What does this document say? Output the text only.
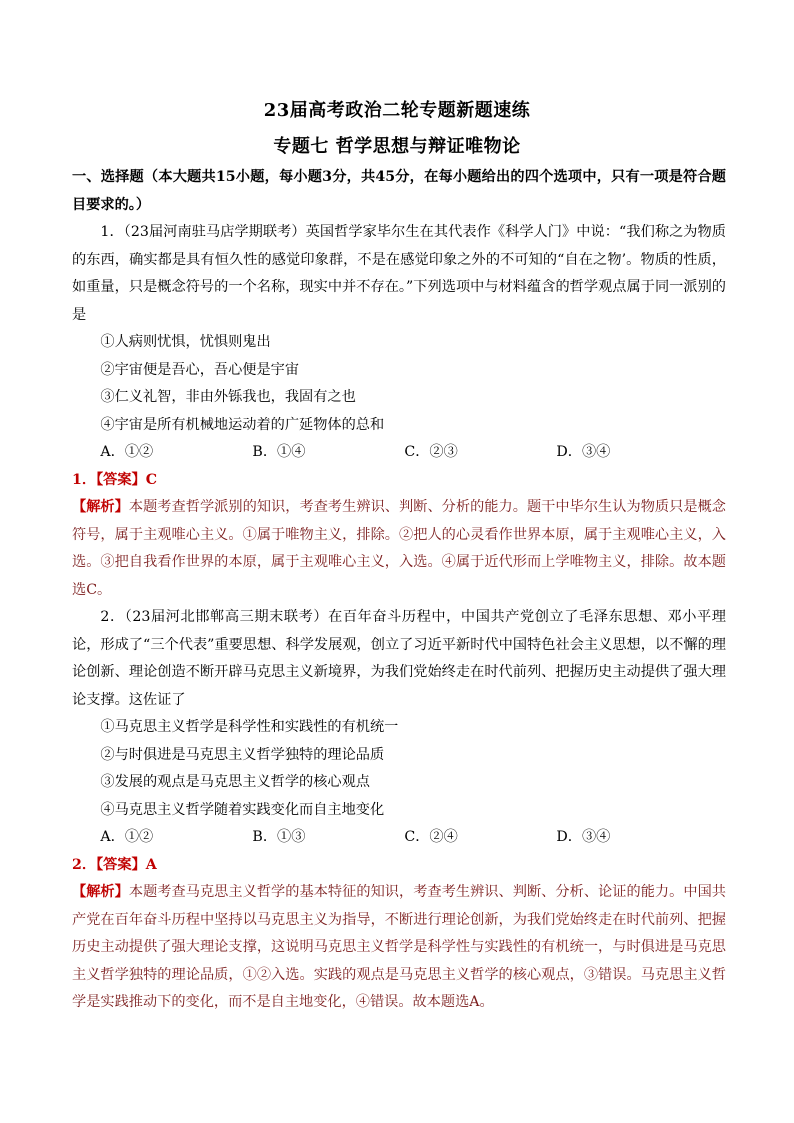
23届高考政治二轮专题新题速练
专题七 哲学思想与辩证唯物论

一、选择题（本大题共15小题，每小题3分，共45分，在每小题给出的四个选项中，只有一项是符合题目要求的。）

1．（23届河南驻马店学期联考）英国哲学家毕尔生在其代表作《科学人门》中说：“我们称之为物质的东西，确实都是具有恒久性的感觉印象群，不是在感觉印象之外的不可知的“自在之物’。物质的性质，如重量，只是概念符号的一个名称，现实中并不存在。”下列选项中与材料蕴含的哲学观点属于同一派别的是

①人病则忧惧，忧惧则鬼出

②宇宙便是吾心，吾心便是宇宙

③仁义礼智，非由外铄我也，我固有之也

④宇宙是所有机械地运动着的广延物体的总和

A．①②	B．①④	C．②③	D．③④

1．【答案】C

【解析】本题考查哲学派别的知识，考查考生辨识、判断、分析的能力。题干中毕尔生认为物质只是概念符号，属于主观唯心主义。①属于唯物主义，排除。②把人的心灵看作世界本原，属于主观唯心主义，入选。③把自我看作世界的本原，属于主观唯心主义，入选。④属于近代形而上学唯物主义，排除。故本题选C。

2．（23届河北邯郸高三期末联考）在百年奋斗历程中，中国共产党创立了毛泽东思想、邓小平理论，形成了“三个代表”重要思想、科学发展观，创立了习近平新时代中国特色社会主义思想，以不懈的理论创新、理论创造不断开辟马克思主义新境界，为我们党始终走在时代前列、把握历史主动提供了强大理论支撑。这佐证了

①马克思主义哲学是科学性和实践性的有机统一

②与时俱进是马克思主义哲学独特的理论品质

③发展的观点是马克思主义哲学的核心观点

④马克思主义哲学随着实践变化而自主地变化

A．①②	B．①③	C．②④	D．③④

2．【答案】A

【解析】本题考查马克思主义哲学的基本特征的知识，考查考生辨识、判断、分析、论证的能力。中国共产党在百年奋斗历程中坚持以马克思主义为指导，不断进行理论创新，为我们党始终走在时代前列、把握历史主动提供了强大理论支撑，这说明马克思主义哲学是科学性与实践性的有机统一，与时俱进是马克思主义哲学独特的理论品质，①②入选。实践的观点是马克思主义哲学的核心观点，③错误。马克思主义哲学是实践推动下的变化，而不是自主地变化，④错误。故本题选A。
